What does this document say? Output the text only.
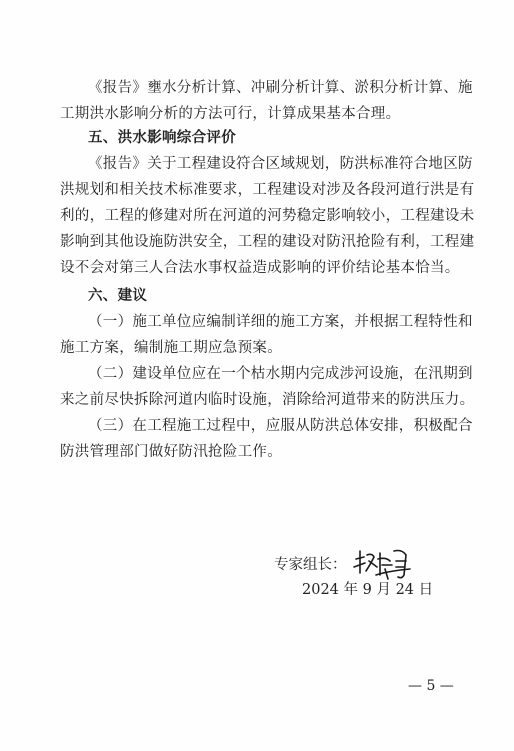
《报告》壅水分析计算、冲刷分析计算、淤积分析计算、施
工期洪水影响分析的方法可行，计算成果基本合理。
五、洪水影响综合评价
《报告》关于工程建设符合区域规划，防洪标准符合地区防
洪规划和相关技术标准要求，工程建设对涉及各段河道行洪是有
利的，工程的修建对所在河道的河势稳定影响较小，工程建设未
影响到其他设施防洪安全，工程的建设对防汛抢险有利，工程建
设不会对第三人合法水事权益造成影响的评价结论基本恰当。
六、建议
（一）施工单位应编制详细的施工方案，并根据工程特性和
施工方案，编制施工期应急预案。
（二）建设单位应在一个枯水期内完成涉河设施，在汛期到
来之前尽快拆除河道内临时设施，消除给河道带来的防洪压力。
（三）在工程施工过程中，应服从防洪总体安排，积极配合
防洪管理部门做好防汛抢险工作。
专家组长：
2024 年 9 月 24 日
— 5 —
